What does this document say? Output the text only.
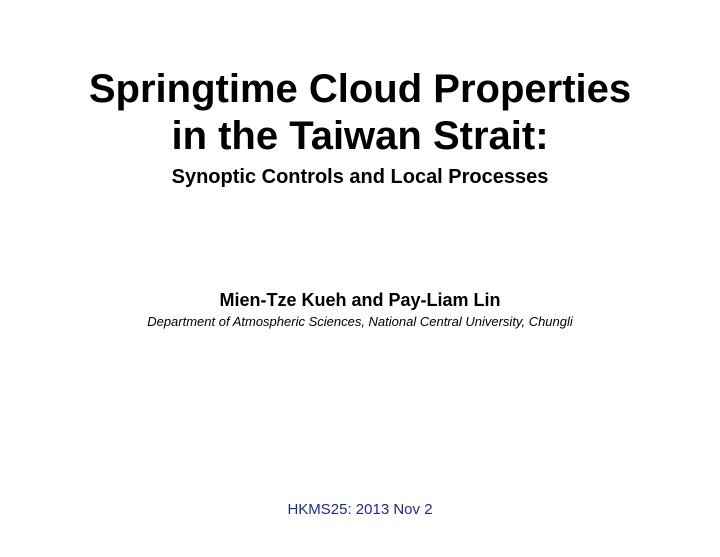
Springtime Cloud Properties
in the Taiwan Strait:
Synoptic Controls and Local Processes
Mien-Tze Kueh and Pay-Liam Lin
Department of Atmospheric Sciences, National Central University, Chungli
HKMS25: 2013 Nov 2
